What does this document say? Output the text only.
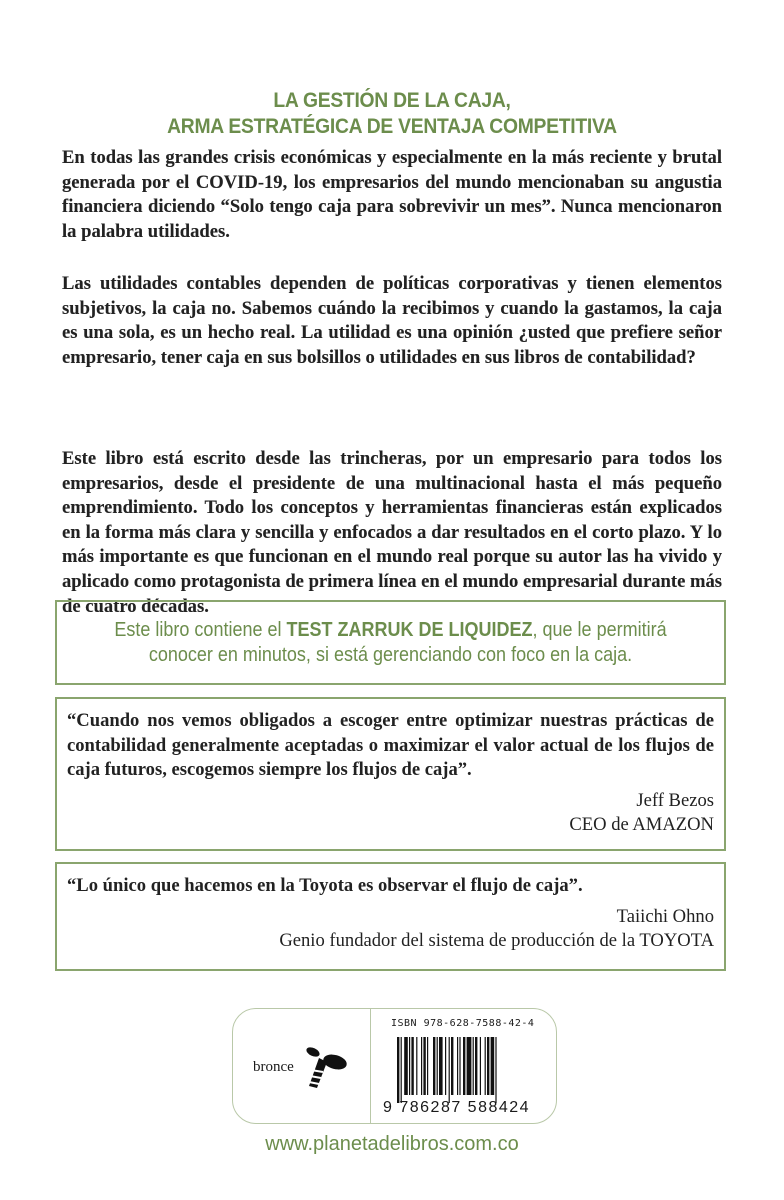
LA GESTIÓN DE LA CAJA,
ARMA ESTRATÉGICA DE VENTAJA COMPETITIVA

En todas las grandes crisis económicas y especialmente en la más reciente y brutal generada por el COVID-19, los empresarios del mundo mencionaban su angustia financiera diciendo “Solo tengo caja para sobrevivir un mes”. Nunca mencionaron la palabra utilidades.

Las utilidades contables dependen de políticas corporativas y tienen elementos subjetivos, la caja no. Sabemos cuándo la recibimos y cuando la gastamos, la caja es una sola, es un hecho real. La utilidad es una opinión ¿usted que prefiere señor empresario, tener caja en sus bolsillos o utilidades en sus libros de contabilidad?

Este libro está escrito desde las trincheras, por un empresario para todos los empresarios, desde el presidente de una multinacional hasta el más pequeño emprendimiento. Todo los conceptos y herramientas financieras están explicados en la forma más clara y sencilla y enfocados a dar resultados en el corto plazo. Y lo más importante es que funcionan en el mundo real porque su autor las ha vivido y aplicado como protagonista de primera línea en el mundo empresarial durante más de cuatro décadas.

Este libro contiene el TEST ZARRUK DE LIQUIDEZ, que le permitirá conocer en minutos, si está gerenciando con foco en la caja.
“Cuando nos vemos obligados a escoger entre optimizar nuestras prácticas de contabilidad generalmente aceptadas o maximizar el valor actual de los flujos de caja futuros, escogemos siempre los flujos de caja”.
Jeff Bezos
CEO de AMAZON
“Lo único que hacemos en la Toyota es observar el flujo de caja”.
Taiichi Ohno
Genio fundador del sistema de producción de la TOYOTA
bronce
ISBN 978-628-7588-42-4
9 786287 588424
www.planetadelibros.com.co
